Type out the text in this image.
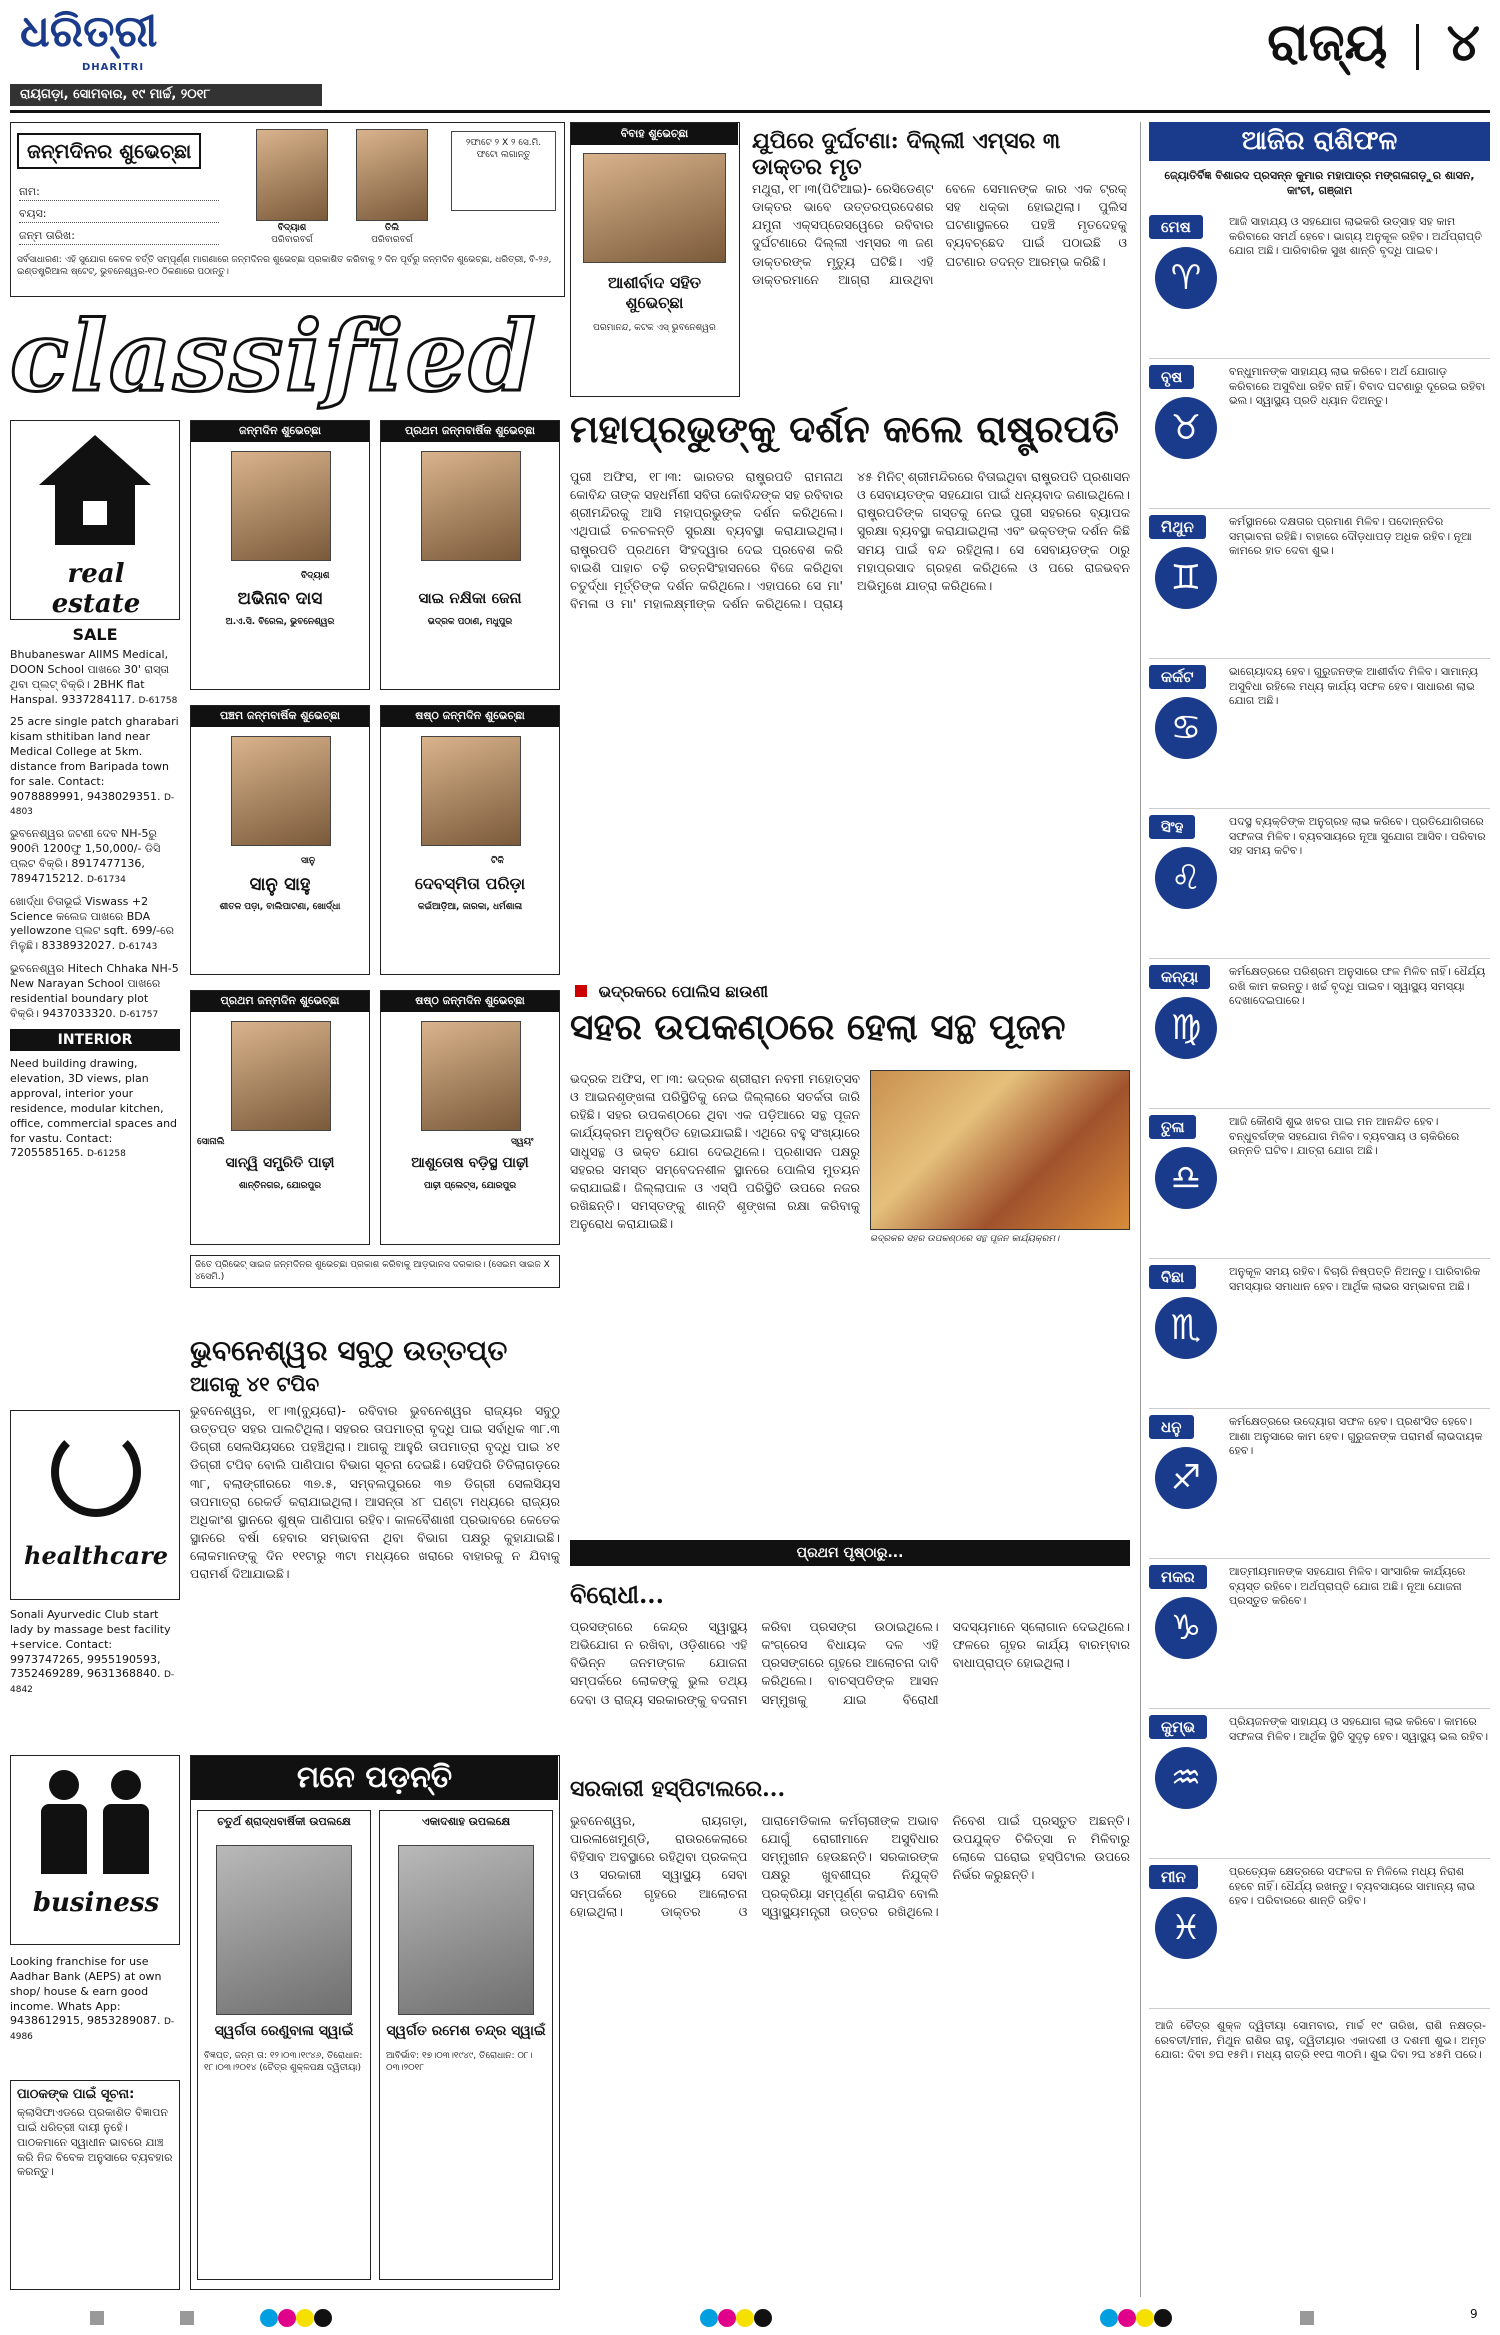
ଧରିତ୍ରୀ
DHARITRI
ରାୟଗଡ଼ା, ସୋମବାର, ୧୯ ମାର୍ଚ୍ଚ, ୨୦୧୮
ରାଜ୍ୟ ୪
ଜନ୍ମଦିନର ଶୁଭେଚ୍ଛା
ନାମ:
ବୟସ:
ଜନ୍ମ ତାରିଖ:
ବିଦ୍ୟାଶ
ପରିବାରବର୍ଗ
ତିଲି
ପରିବାରବର୍ଗ
୨ଫାଟେ ୨ X ୨ ସେ.ମି. ଫଟୋ ଲଗାନ୍ତୁ
ସର୍ବସାଧାରଣ: ଏହି ସୁଯୋଗ କେବଳ ବର୍ତ୍ତି ସମ୍ପୂର୍ଣ୍ଣ ମାଗଣାରେ ଜନ୍ମଦିନର ଶୁଭେଚ୍ଛା ପ୍ରକାଶିତ କରିବାକୁ ୨ ଦିନ ପୂର୍ବରୁ ଜନ୍ମଦିନ ଶୁଭେଚ୍ଛା, ଧରିତ୍ରୀ, ବି-୨୬, ଇଣ୍ଡଷ୍ଟ୍ରିଆଲ ଷ୍ଟେଟ୍, ଭୁବନେଶ୍ୱର-୧୦ ଠିକଣାରେ ପଠାନ୍ତୁ।
ବିବାହ ଶୁଭେଚ୍ଛା
ଆଶୀର୍ବାଦ ସହିତ ଶୁଭେଚ୍ଛା
ପରମାନନ୍ଦ, କଟକ ଏସ୍ ଭୁବନେଶ୍ୱର
ଯୁପିରେ ଦୁର୍ଘଟଣା: ଦିଲ୍ଲୀ ଏମ୍ସର ୩ ଡାକ୍ତର ମୃତ
ମଥୁରା, ୧୮।୩(ପିଟିଆଇ)- ରେସିଡେଣ୍ଟ ଡାକ୍ତର ଭାବେ ଉତ୍ତରପ୍ରଦେଶର ଯମୁନା ଏକ୍ସପ୍ରେସୱେରେ ରବିବାର ଦୁର୍ଘଟଣାରେ ଦିଲ୍ଲୀ ଏମ୍ସର ୩ ଜଣ ଡାକ୍ତରଙ୍କ ମୃତ୍ୟୁ ଘଟିଛି। ଏହି ଡାକ୍ତରମାନେ ଆଗ୍ରା ଯାଉଥିବା ବେଳେ ସେମାନଙ୍କ କାର ଏକ ଟ୍ରକ୍ ସହ ଧକ୍କା ହୋଇଥିଲା। ପୁଲିସ ଘଟଣାସ୍ଥଳରେ ପହଞ୍ଚି ମୃତଦେହକୁ ବ୍ୟବଚ୍ଛେଦ ପାଇଁ ପଠାଇଛି ଓ ଘଟଣାର ତଦନ୍ତ ଆରମ୍ଭ କରିଛି।
classified
ମହାପ୍ରଭୁଙ୍କୁ ଦର୍ଶନ କଲେ ରାଷ୍ଟ୍ରପତି
ପୁରୀ ଅଫିସ, ୧୮।୩: ଭାରତର ରାଷ୍ଟ୍ରପତି ରାମନାଥ କୋବିନ୍ଦ ତାଙ୍କ ସହଧର୍ମିଣୀ ସବିତା କୋବିନ୍ଦଙ୍କ ସହ ରବିବାର ଶ୍ରୀମନ୍ଦିରକୁ ଆସି ମହାପ୍ରଭୁଙ୍କ ଦର୍ଶନ କରିଥିଲେ। ଏଥିପାଇଁ ଚଳଚଳନ୍ତି ସୁରକ୍ଷା ବ୍ୟବସ୍ଥା କରାଯାଇଥିଲା। ରାଷ୍ଟ୍ରପତି ପ୍ରଥମେ ସିଂହଦ୍ୱାର ଦେଇ ପ୍ରବେଶ କରି ବାଇଶି ପାହାଚ ଚଢ଼ି ରତ୍ନସିଂହାସନରେ ବିଜେ କରିଥିବା ଚତୁର୍ଦ୍ଧା ମୂର୍ତ୍ତିଙ୍କ ଦର୍ଶନ କରିଥିଲେ। ଏହାପରେ ସେ ମା' ବିମଳା ଓ ମା' ମହାଲକ୍ଷ୍ମୀଙ୍କ ଦର୍ଶନ କରିଥିଲେ। ପ୍ରାୟ ୪୫ ମିନିଟ୍ ଶ୍ରୀମନ୍ଦିରରେ ବିତାଇଥିବା ରାଷ୍ଟ୍ରପତି ପ୍ରଶାସନ ଓ ସେବାୟତଙ୍କ ସହଯୋଗ ପାଇଁ ଧନ୍ୟବାଦ ଜଣାଇଥିଲେ। ରାଷ୍ଟ୍ରପତିଙ୍କ ଗସ୍ତକୁ ନେଇ ପୁରୀ ସହରରେ ବ୍ୟାପକ ସୁରକ୍ଷା ବ୍ୟବସ୍ଥା କରାଯାଇଥିଲା ଏବଂ ଭକ୍ତଙ୍କ ଦର୍ଶନ କିଛି ସମୟ ପାଇଁ ବନ୍ଦ ରହିଥିଲା। ସେ ସେବାୟତଙ୍କ ଠାରୁ ମହାପ୍ରସାଦ ଗ୍ରହଣ କରିଥିଲେ ଓ ପରେ ରାଜଭବନ ଅଭିମୁଖେ ଯାତ୍ରା କରିଥିଲେ।
real estate
SALE
Bhubaneswar AIIMS Medical, DOON School ପାଖରେ 30' ରାସ୍ତା ଥିବା ପ୍ଲଟ୍ ବିକ୍ରି। 2BHK flat Hanspal. 9337284117. D-61758
25 acre single patch gharabari kisam sthitiban land near Medical College at 5km. distance from Baripada town for sale. Contact: 9078889991, 9438029351. D-4803
ଭୁବନେଶ୍ୱର ଜଟଣୀ ଦେବ NH-5ରୁ 900ମି 1200ଫୁ 1,50,000/- ଡିସି ପ୍ଲଟ ବିକ୍ରି। 8917477136, 7894715212. D-61734
ଖୋର୍ଦ୍ଧା ଚିତାଭୂଇଁ Viswass +2 Science କଲେଜ ପାଖରେ BDA yellowzone ପ୍ଲଟ sqft. 699/-ରେ ମିଳୁଛି। 8338932027. D-61743
ଭୁବନେଶ୍ୱର Hitech Chhaka NH-5 New Narayan School ପାଖରେ residential boundary plot ବିକ୍ରି। 9437033320. D-61757
INTERIOR
Need building drawing, elevation, 3D views, plan approval, interior your residence, modular kitchen, office, commercial spaces and for vastu. Contact: 7205585165. D-61258
healthcare
Sonali Ayurvedic Club start lady by massage best facility +service. Contact: 9973747265, 9955190593, 7352469289, 9631368840. D-4842
business
Looking franchise for use Aadhar Bank (AEPS) at own shop/ house & earn good income. Whats App: 9438612915, 9853289087. D-4986
ପାଠକଙ୍କ ପାଇଁ ସୂଚନା:
କ୍ଲାସିଫାଏଡରେ ପ୍ରକାଶିତ ବିଜ୍ଞାପନ ପାଇଁ ଧରିତ୍ରୀ ଦାୟୀ ନୁହେଁ। ପାଠକମାନେ ସ୍ୱାଧୀନ ଭାବରେ ଯାଞ୍ଚ କରି ନିଜ ବିବେକ ଅନୁସାରେ ବ୍ୟବହାର କରନ୍ତୁ।
ଜନ୍ମଦିନ ଶୁଭେଚ୍ଛା
ବିଦ୍ୟାଶ
ଅଭିନାବ ଦାସ
ଅ.ଏ.ସି. ବିରେଲ, ଭୁବନେଶ୍ୱର
ପ୍ରଥମ ଜନ୍ମବାର୍ଷିକ ଶୁଭେଚ୍ଛା
ସାଇ ନକ୍ଷିକା ଜେନା
ଭଦ୍ରକ ପଠାଣ, ମଧୁପୁର
ପଞ୍ଚମ ଜନ୍ମବାର୍ଷିକ ଶୁଭେଚ୍ଛା
ସାନୁ
ସାନୁ ସାହୁ
ଶୀତଳ ପଡ଼ା, ବାଲିପାଟଣା, ଖୋର୍ଦ୍ଧା
ଷଷ୍ଠ ଜନ୍ମଦିନ ଶୁଭେଚ୍ଛା
ଟିକି
ଦେବସ୍ମିତା ପରିଡ଼ା
କଇଁଆଡ଼ିଆ, ଜାରକା, ଧର୍ମଶାଳା
ପ୍ରଥମ ଜନ୍ମଦିନ ଶୁଭେଚ୍ଛା
ସୋନାଲି
ସାନ୍ୱି ସମ୍ପ୍ରିତି ପାଢ଼ୀ
ଶାନ୍ତିନଗର, ଯୋରପୁର
ଷଷ୍ଠ ଜନ୍ମଦିନ ଶୁଭେଚ୍ଛା
ସ୍ୱୟଂ
ଆଶୁତୋଷ ବଡ଼ିସ୍ଥ ପାଢ଼ୀ
ପାଢ଼ୀ ପ୍ଲେଟ୍ସ, ଯୋରପୁର
ଜିତେ ପ୍ରିଭେଟ୍ ସାଇଜ ଜନ୍ମଦିନର ଶୁଭେଚ୍ଛା ପ୍ରକାଶ କରିବାକୁ ଆଡ଼ଭାନସ ଦରକାର। (ସେଇମ ସାଇଜ X ୪ସେମି.)
ଭୁବନେଶ୍ୱର ସବୁଠୁ ଉତ୍ତପ୍ତ
ଆଗକୁ ୪୧ ଟପିବ
ଭୁବନେଶ୍ୱର, ୧୮।୩(ବ୍ୟୁରୋ)- ରବିବାର ଭୁବନେଶ୍ୱର ରାଜ୍ୟର ସବୁଠୁ ଉତ୍ତପ୍ତ ସହର ପାଲଟିଥିଲା। ସହରର ତାପମାତ୍ରା ବୃଦ୍ଧି ପାଇ ସର୍ବାଧିକ ୩୮.୩ ଡିଗ୍ରୀ ସେଲସିୟସରେ ପହଞ୍ଚିଥିଲା। ଆଗକୁ ଆହୁରି ତାପମାତ୍ରା ବୃଦ୍ଧି ପାଇ ୪୧ ଡିଗ୍ରୀ ଟପିବ ବୋଲି ପାଣିପାଗ ବିଭାଗ ସୂଚନା ଦେଇଛି। ସେହିପରି ତିତିଲାଗଡ଼ରେ ୩୮, ବଲାଙ୍ଗୀରରେ ୩୭.୫, ସମ୍ବଲପୁରରେ ୩୭ ଡିଗ୍ରୀ ସେଲସିୟସ ତାପମାତ୍ରା ରେକର୍ଡ କରାଯାଇଥିଲା। ଆସନ୍ତା ୪୮ ଘଣ୍ଟା ମଧ୍ୟରେ ରାଜ୍ୟର ଅଧିକାଂଶ ସ୍ଥାନରେ ଶୁଷ୍କ ପାଣିପାଗ ରହିବ। କାଳବୈଶାଖୀ ପ୍ରଭାବରେ କେତେକ ସ୍ଥାନରେ ବର୍ଷା ହେବାର ସମ୍ଭାବନା ଥିବା ବିଭାଗ ପକ୍ଷରୁ କୁହାଯାଇଛି। ଲୋକମାନଙ୍କୁ ଦିନ ୧୧ଟାରୁ ୩ଟା ମଧ୍ୟରେ ଖରାରେ ବାହାରକୁ ନ ଯିବାକୁ ପରାମର୍ଶ ଦିଆଯାଇଛି।
ମନେ ପଡ଼ନ୍ତି
ଚତୁର୍ଥ ଶ୍ରାଦ୍ଧବାର୍ଷିକୀ ଉପଲକ୍ଷେ
ସ୍ୱର୍ଗତା ରେଣୁବାଳା ସ୍ୱାଇଁ
ବିଜ୍ଞପ୍ତ, ଜନ୍ମ ତା: ୧୨।୦୩।୧୯୪୬, ତିରୋଧାନ: ୧୮।୦୩।୨୦୧୪ (ଚୈତ୍ର ଶୁକ୍ଳପକ୍ଷ ଦ୍ୱିତୀୟା)
ଏକାଦଶାହ ଉପଲକ୍ଷେ
ସ୍ୱର୍ଗତ ରମେଶ ଚନ୍ଦ୍ର ସ୍ୱାଇଁ
ଆବିର୍ଭାବ: ୧୭।୦୩।୧୯୪୯, ତିରୋଧାନ: ୦୮।୦୩।୨୦୧୮
ଭଦ୍ରକରେ ପୋଲିସ ଛାଉଣୀ
ସହର ଉପକଣ୍ଠରେ ହେଲା ସନ୍ଥ ପୂଜନ
ଭଦ୍ରକ ଅଫିସ, ୧୮।୩: ଭଦ୍ରକ ଶ୍ରୀରାମ ନବମୀ ମହୋତ୍ସବ ଓ ଆଇନଶୃଙ୍ଖଳା ପରିସ୍ଥିତିକୁ ନେଇ ଜିଲ୍ଲାରେ ସତର୍କତା ଜାରି ରହିଛି। ସହର ଉପକଣ୍ଠରେ ଥିବା ଏକ ପଡ଼ିଆରେ ସନ୍ଥ ପୂଜନ କାର୍ଯ୍ୟକ୍ରମ ଅନୁଷ୍ଠିତ ହୋଇଯାଇଛି। ଏଥିରେ ବହୁ ସଂଖ୍ୟାରେ ସାଧୁସନ୍ଥ ଓ ଭକ୍ତ ଯୋଗ ଦେଇଥିଲେ। ପ୍ରଶାସନ ପକ୍ଷରୁ ସହରର ସମସ୍ତ ସମ୍ବେଦନଶୀଳ ସ୍ଥାନରେ ପୋଲିସ ମୁତୟନ କରାଯାଇଛି। ଜିଲ୍ଲାପାଳ ଓ ଏସ୍ପି ପରିସ୍ଥିତି ଉପରେ ନଜର ରଖିଛନ୍ତି। ସମସ୍ତଙ୍କୁ ଶାନ୍ତି ଶୃଙ୍ଖଳା ରକ୍ଷା କରିବାକୁ ଅନୁରୋଧ କରାଯାଇଛି।
ଭଦ୍ରକର ସହର ଉପକଣ୍ଠରେ ସନ୍ଥ ପୂଜନ କାର୍ଯ୍ୟକ୍ରମ।
ପ୍ରଥମ ପୃଷ୍ଠାରୁ...
ବିରୋଧୀ...
ପ୍ରସଙ୍ଗରେ କେନ୍ଦ୍ର ସ୍ୱାସ୍ଥ୍ୟ ଅଭିଯୋଗ ନ ରଖିବା, ଓଡ଼ିଶାରେ ଏହି ବିଭିନ୍ନ ଜନମଙ୍ଗଳ ଯୋଜନା ସମ୍ପର୍କରେ ଲୋକଙ୍କୁ ଭୁଲ ତଥ୍ୟ ଦେବା ଓ ରାଜ୍ୟ ସରକାରଙ୍କୁ ବଦନାମ କରିବା ପ୍ରସଙ୍ଗ ଉଠାଇଥିଲେ। କଂଗ୍ରେସ ବିଧାୟକ ଦଳ ଏହି ପ୍ରସଙ୍ଗରେ ଗୃହରେ ଆଲୋଚନା ଦାବି କରିଥିଲେ। ବାଚସ୍ପତିଙ୍କ ଆସନ ସମ୍ମୁଖକୁ ଯାଇ ବିରୋଧୀ ସଦସ୍ୟମାନେ ସ୍ଲୋଗାନ ଦେଇଥିଲେ। ଫଳରେ ଗୃହର କାର୍ଯ୍ୟ ବାରମ୍ବାର ବାଧାପ୍ରାପ୍ତ ହୋଇଥିଲା।
ସରକାରୀ ହସ୍ପିଟାଲରେ...
ଭୁବନେଶ୍ୱର, ରାୟଗଡ଼ା, ପାରଳାଖେମୁଣ୍ଡି, ରାଉରକେଲାରେ ବିହିସାବ ଅବସ୍ଥାରେ ରହିଥିବା ପ୍ରକଳ୍ପ ଓ ସରକାରୀ ସ୍ୱାସ୍ଥ୍ୟ ସେବା ସମ୍ପର୍କରେ ଗୃହରେ ଆଲୋଚନା ହୋଇଥିଲା। ଡାକ୍ତର ଓ ପାରାମେଡିକାଲ କର୍ମଚାରୀଙ୍କ ଅଭାବ ଯୋଗୁଁ ରୋଗୀମାନେ ଅସୁବିଧାର ସମ୍ମୁଖୀନ ହେଉଛନ୍ତି। ସରକାରଙ୍କ ପକ୍ଷରୁ ଖୁବଶୀଘ୍ର ନିଯୁକ୍ତି ପ୍ରକ୍ରିୟା ସମ୍ପୂର୍ଣ୍ଣ କରାଯିବ ବୋଲି ସ୍ୱାସ୍ଥ୍ୟମନ୍ତ୍ରୀ ଉତ୍ତର ରଖିଥିଲେ। ନିବେଶ ପାଇଁ ପ୍ରସ୍ତୁତ ଅଛନ୍ତି। ଉପଯୁକ୍ତ ଚିକିତ୍ସା ନ ମିଳିବାରୁ ଲୋକେ ଘରୋଇ ହସ୍ପିଟାଲ ଉପରେ ନିର୍ଭର କରୁଛନ୍ତି।
ଆଜିର ରାଶିଫଳ
ଜ୍ୟୋତିର୍ବିଜ୍ଞ ବିଶାରଦ ପ୍ରସନ୍ନ କୁମାର ମହାପାତ୍ର ମଙ୍ଗଳାଗଡ଼ୁର ଶାସନ, କାଂଚୀ, ଗଞ୍ଜାମ
ମେଷ
♈
ଆଜି ସାହାଯ୍ୟ ଓ ସହଯୋଗ ଲାଭକରି ଉତ୍ସାହ ସହ କାମ କରିବାରେ ସମର୍ଥ ହେବେ। ଭାଗ୍ୟ ଅନୁକୂଳ ରହିବ। ଅର୍ଥପ୍ରାପ୍ତି ଯୋଗ ଅଛି। ପାରିବାରିକ ସୁଖ ଶାନ୍ତି ବୃଦ୍ଧି ପାଇବ।
ବୃଷ
♉
ବନ୍ଧୁମାନଙ୍କ ସାହାଯ୍ୟ ଲାଭ କରିବେ। ଅର୍ଥ ଯୋଗାଡ଼ କରିବାରେ ଅସୁବିଧା ରହିବ ନାହିଁ। ବିବାଦ ଘଟଣାରୁ ଦୂରେଇ ରହିବା ଭଲ। ସ୍ୱାସ୍ଥ୍ୟ ପ୍ରତି ଧ୍ୟାନ ଦିଅନ୍ତୁ।
ମିଥୁନ
♊
କର୍ମସ୍ଥାନରେ ଦକ୍ଷତାର ପ୍ରମାଣ ମିଳିବ। ପଦୋନ୍ନତିର ସମ୍ଭାବନା ରହିଛି। ବାହାରେ ଦୌଡ଼ଧାପଡ଼ ଅଧିକ ରହିବ। ନୂଆ କାମରେ ହାତ ଦେବା ଶୁଭ।
କର୍କଟ
♋
ଭାଗ୍ୟୋଦୟ ହେବ। ଗୁରୁଜନଙ୍କ ଆଶୀର୍ବାଦ ମିଳିବ। ସାମାନ୍ୟ ଅସୁବିଧା ରହିଲେ ମଧ୍ୟ କାର୍ଯ୍ୟ ସଫଳ ହେବ। ସାଧାରଣ ଲାଭ ଯୋଗ ଅଛି।
ସିଂହ
♌
ପଦସ୍ଥ ବ୍ୟକ୍ତିଙ୍କ ଅନୁଗ୍ରହ ଲାଭ କରିବେ। ପ୍ରତିଯୋଗିତାରେ ସଫଳତା ମିଳିବ। ବ୍ୟବସାୟରେ ନୂଆ ସୁଯୋଗ ଆସିବ। ପରିବାର ସହ ସମୟ କଟିବ।
କନ୍ୟା
♍
କର୍ମକ୍ଷେତ୍ରରେ ପରିଶ୍ରମ ଅନୁସାରେ ଫଳ ମିଳିବ ନାହିଁ। ଧୈର୍ଯ୍ୟ ରଖି କାମ କରନ୍ତୁ। ଖର୍ଚ୍ଚ ବୃଦ୍ଧି ପାଇବ। ସ୍ୱାସ୍ଥ୍ୟ ସମସ୍ୟା ଦେଖାଦେଇପାରେ।
ତୁଳା
♎
ଆଜି କୌଣସି ଶୁଭ ଖବର ପାଇ ମନ ଆନନ୍ଦିତ ହେବ। ବନ୍ଧୁବର୍ଗଙ୍କ ସହଯୋଗ ମିଳିବ। ବ୍ୟବସାୟ ଓ ଚାକିରିରେ ଉନ୍ନତି ଘଟିବ। ଯାତ୍ରା ଯୋଗ ଅଛି।
ବିଛା
♏
ଅନୁକୂଳ ସମୟ ରହିବ। ବିଚାରି ନିଷ୍ପତ୍ତି ନିଅନ୍ତୁ। ପାରିବାରିକ ସମସ୍ୟାର ସମାଧାନ ହେବ। ଆର୍ଥିକ ଲାଭର ସମ୍ଭାବନା ଅଛି।
ଧନୁ
♐
କର୍ମକ୍ଷେତ୍ରରେ ଉଦ୍ୟୋଗ ସଫଳ ହେବ। ପ୍ରଶଂସିତ ହେବେ। ଆଶା ଅନୁସାରେ କାମ ହେବ। ଗୁରୁଜନଙ୍କ ପରାମର୍ଶ ଲାଭଦାୟକ ହେବ।
ମକର
♑
ଆତ୍ମୀୟମାନଙ୍କ ସହଯୋଗ ମିଳିବ। ସାଂସାରିକ କାର୍ଯ୍ୟରେ ବ୍ୟସ୍ତ ରହିବେ। ଅର୍ଥପ୍ରାପ୍ତି ଯୋଗ ଅଛି। ନୂଆ ଯୋଜନା ପ୍ରସ୍ତୁତ କରିବେ।
କୁମ୍ଭ
♒
ପ୍ରିୟଜନଙ୍କ ସାହାଯ୍ୟ ଓ ସହଯୋଗ ଲାଭ କରିବେ। କାମରେ ସଫଳତା ମିଳିବ। ଆର୍ଥିକ ସ୍ଥିତି ସୁଦୃଢ଼ ହେବ। ସ୍ୱାସ୍ଥ୍ୟ ଭଲ ରହିବ।
ମୀନ
♓
ପ୍ରତ୍ୟେକ କ୍ଷେତ୍ରରେ ସଫଳତା ନ ମିଳିଲେ ମଧ୍ୟ ନିରାଶ ହେବେ ନାହିଁ। ଧୈର୍ଯ୍ୟ ରଖନ୍ତୁ। ବ୍ୟବସାୟରେ ସାମାନ୍ୟ ଲାଭ ହେବ। ପରିବାରରେ ଶାନ୍ତି ରହିବ।
ଆଜି ଚୈତ୍ର ଶୁକ୍ଳ ଦ୍ୱିତୀୟା ସୋମବାର, ମାର୍ଚ୍ଚ ୧୯ ତାରିଖ, ରାଶି ନକ୍ଷତ୍ର-ରେବତୀ/ମୀନ, ମିଥୁନ ରାଶିର ରାହୁ, ଦ୍ୱିତୀୟାର ଏକାଦଶୀ ଓ ଦଶମୀ ଶୁଭ। ଅମୃତ ଯୋଗ: ଦିବା ୭ଘ ୧୫ମି। ମଧ୍ୟ ରାତ୍ରି ୧୧ଘ ୩୦ମି। ଶୁଭ ଦିବା ୨ଘ ୪୫ମି ପରେ।
9
